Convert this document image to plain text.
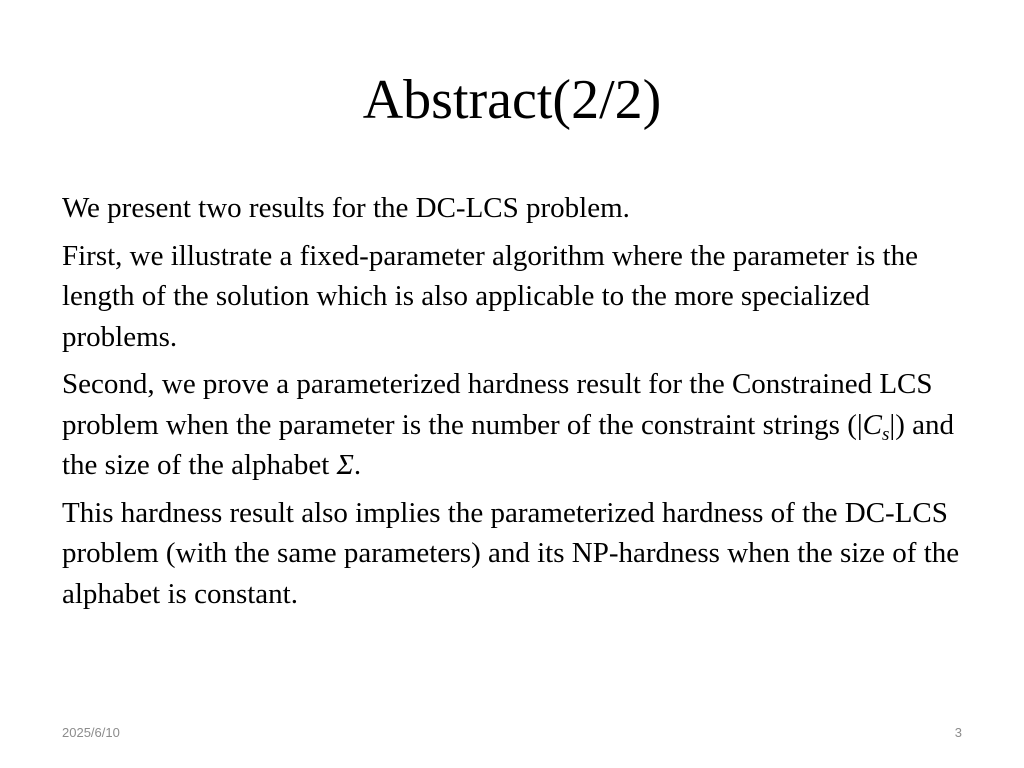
Abstract(2/2)

We present two results for the DC-LCS problem.

First, we illustrate a fixed-parameter algorithm where the parameter is the length of the solution which is also applicable to the more specialized problems.

Second, we prove a parameterized hardness result for the Constrained LCS problem when the parameter is the number of the constraint strings $(|C_s|)$ and the size of the alphabet Σ.

This hardness result also implies the parameterized hardness of the DC-LCS problem (with the same parameters) and its NP-hardness when the size of the alphabet is constant.

2025/6/10	3
